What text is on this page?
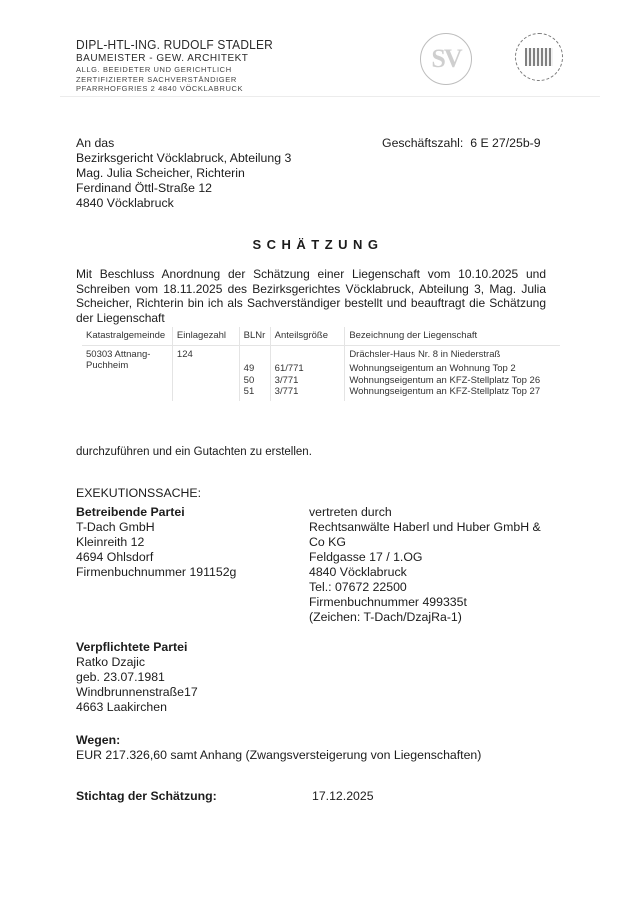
DIPL-HTL-ING. RUDOLF STADLER
BAUMEISTER - GEW. ARCHITEKT
ALLG. BEEIDETER UND GERICHTLICH
ZERTIFIZIERTER SACHVERSTÄNDIGER
PFARRHOFGRIES 2 4840 VÖCKLABRUCK
SV
An das
Bezirksgericht Vöcklabruck, Abteilung 3
Mag. Julia Scheicher, Richterin
Ferdinand Öttl-Straße 12
4840 Vöcklabruck
Geschäftszahl: 6 E 27/25b-9
SCHÄTZUNG
Mit Beschluss Anordnung der Schätzung einer Liegenschaft vom 10.10.2025 und Schreiben vom 18.11.2025 des Bezirksgerichtes Vöcklabruck, Abteilung 3, Mag. Julia Scheicher, Richterin bin ich als Sachverständiger bestellt und beauftragt die Schätzung der Liegenschaft
Katastralgemeinde	Einlagezahl	BLNr	Anteilsgröße	Bezeichnung der Liegenschaft
50303 Attnang-Puchheim	124			Drächsler-Haus Nr. 8 in Niederstraß
		49	61/771	Wohnungseigentum an Wohnung Top 2
		50	3/771	Wohnungseigentum an KFZ-Stellplatz Top 26
		51	3/771	Wohnungseigentum an KFZ-Stellplatz Top 27
durchzuführen und ein Gutachten zu erstellen.
EXEKUTIONSSACHE:
Betreibende Partei
T-Dach GmbH
Kleinreith 12
4694 Ohlsdorf
Firmenbuchnummer 191152g
vertreten durch
Rechtsanwälte Haberl und Huber GmbH &
Co KG
Feldgasse 17 / 1.OG
4840 Vöcklabruck
Tel.: 07672 22500
Firmenbuchnummer 499335t
(Zeichen: T-Dach/DzajRa-1)
Verpflichtete Partei
Ratko Dzajic
geb. 23.07.1981
Windbrunnenstraße17
4663 Laakirchen
Wegen:
EUR 217.326,60 samt Anhang (Zwangsversteigerung von Liegenschaften)
Stichtag der Schätzung:	17.12.2025
